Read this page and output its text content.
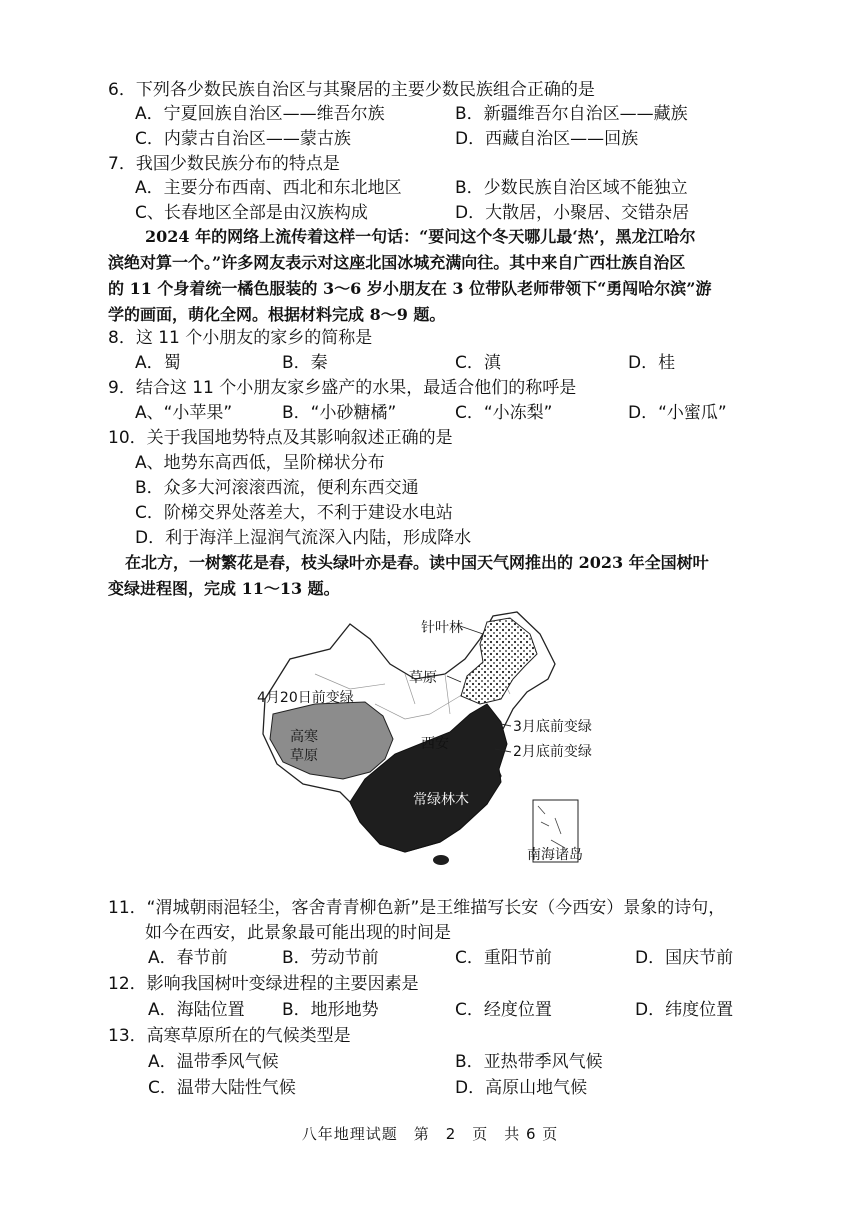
6．下列各少数民族自治区与其聚居的主要少数民族组合正确的是
A．宁夏回族自治区——维吾尔族	B．新疆维吾尔自治区——藏族
C．内蒙古自治区——蒙古族	D．西藏自治区——回族
7．我国少数民族分布的特点是
A．主要分布西南、西北和东北地区	B．少数民族自治区域不能独立
C、长春地区全部是由汉族构成	D．大散居，小聚居、交错杂居
2024 年的网络上流传着这样一句话：“要问这个冬天哪儿最‘热’，黑龙江哈尔
滨绝对算一个。”许多网友表示对这座北国冰城充满向往。其中来自广西壮族自治区
的 11 个身着统一橘色服装的 3～6 岁小朋友在 3 位带队老师带领下“勇闯哈尔滨”游
学的画面，萌化全网。根据材料完成 8～9 题。
8．这 11 个小朋友的家乡的简称是
A．蜀	B．秦	C．滇	D．桂
9．结合这 11 个小朋友家乡盛产的水果，最适合他们的称呼是
A、“小苹果”	B．“小砂糖橘”	C．“小冻梨”	D．“小蜜瓜”
10．关于我国地势特点及其影响叙述正确的是
A、地势东高西低，呈阶梯状分布
B．众多大河滚滚西流，便利东西交通
C．阶梯交界处落差大，不利于建设水电站
D．利于海洋上湿润气流深入内陆，形成降水
在北方，一树繁花是春，枝头绿叶亦是春。读中国天气网推出的 2023 年全国树叶
变绿进程图，完成 11～13 题。
南海诸岛
针叶林
草原
4月20日前变绿
高寒
草原
西安
3月底前变绿
2月底前变绿
常绿林木
11．“渭城朝雨浥轻尘，客舍青青柳色新”是王维描写长安（今西安）景象的诗句，
如今在西安，此景象最可能出现的时间是
A．春节前	B．劳动节前	C．重阳节前	D．国庆节前
12．影响我国树叶变绿进程的主要因素是
A．海陆位置 B．地形地势	C．经度位置	D．纬度位置
13．高寒草原所在的气候类型是
A．温带季风气候	B．亚热带季风气候
C．温带大陆性气候	D．高原山地气候
八年地理试题　第　2　页　共 6 页
